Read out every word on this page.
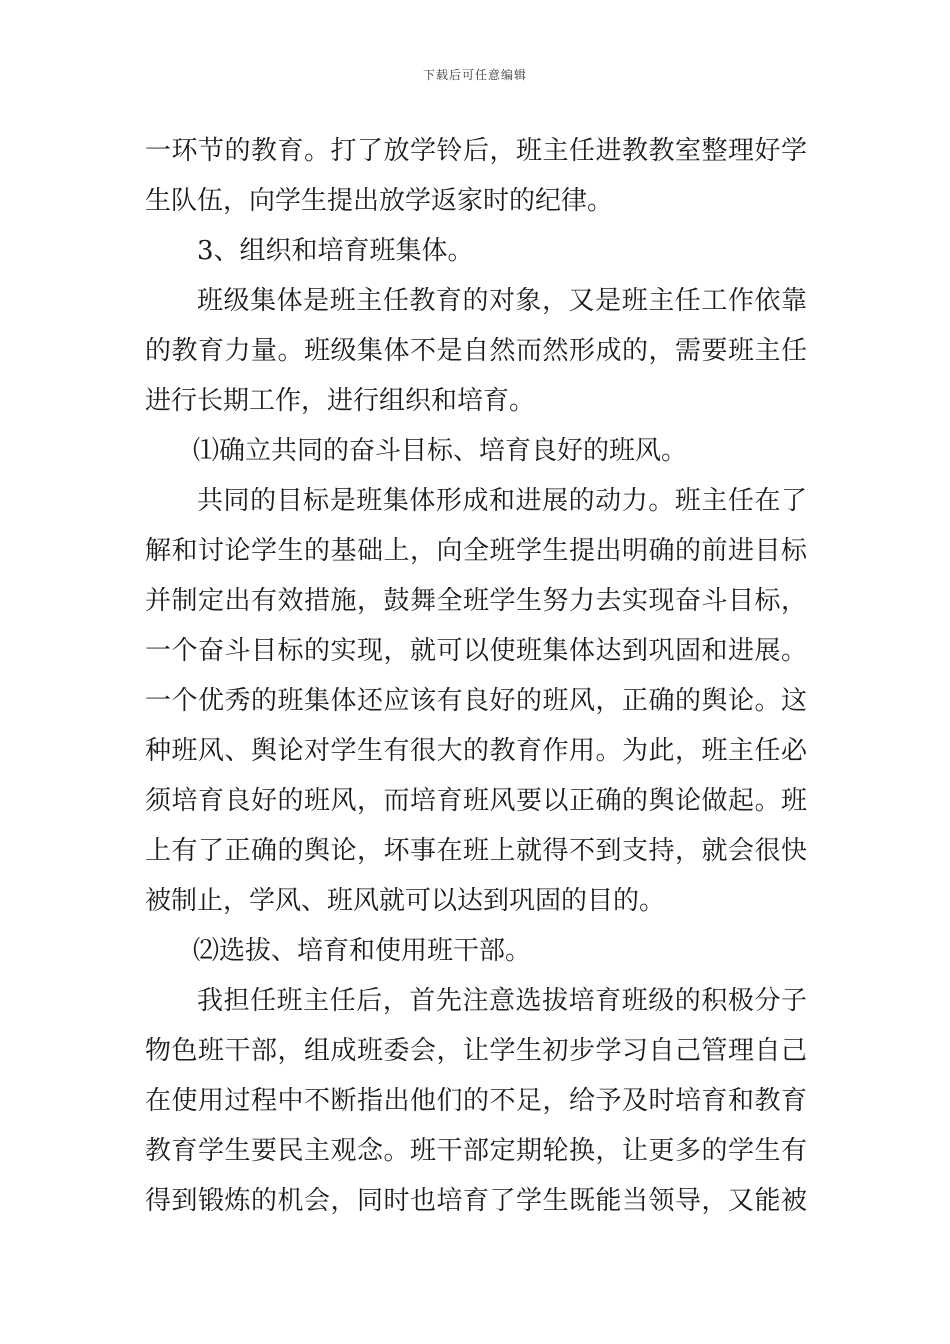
下载后可任意编辑
一环节的教育。打了放学铃后，班主任进教教室整理好学
生队伍，向学生提出放学返家时的纪律。
3、组织和培育班集体。
班级集体是班主任教育的对象，又是班主任工作依靠
的教育力量。班级集体不是自然而然形成的，需要班主任
进行长期工作，进行组织和培育。
⑴确立共同的奋斗目标、培育良好的班风。
共同的目标是班集体形成和进展的动力。班主任在了
解和讨论学生的基础上，向全班学生提出明确的前进目标
并制定出有效措施，鼓舞全班学生努力去实现奋斗目标，
一个奋斗目标的实现，就可以使班集体达到巩固和进展。
一个优秀的班集体还应该有良好的班风，正确的舆论。这
种班风、舆论对学生有很大的教育作用。为此，班主任必
须培育良好的班风，而培育班风要以正确的舆论做起。班
上有了正确的舆论，坏事在班上就得不到支持，就会很快
被制止，学风、班风就可以达到巩固的目的。
⑵选拔、培育和使用班干部。
我担任班主任后，首先注意选拔培育班级的积极分子
物色班干部，组成班委会，让学生初步学习自己管理自己
在使用过程中不断指出他们的不足，给予及时培育和教育
教育学生要民主观念。班干部定期轮换，让更多的学生有
得到锻炼的机会，同时也培育了学生既能当领导，又能被
